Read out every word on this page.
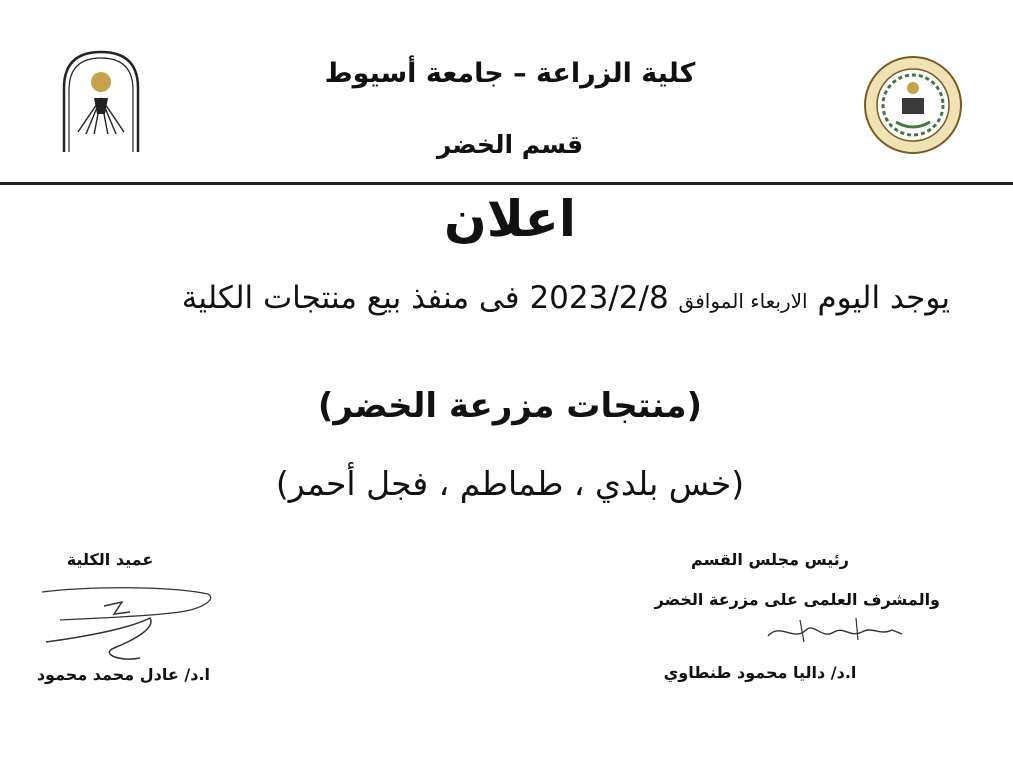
كلية الزراعة – جامعة أسيوط
قسم الخضر
اعلان
يوجد اليوم الاربعاء الموافق 2023/2/8 فى منفذ بيع منتجات الكلية
(منتجات مزرعة الخضر)
(خس بلدي ، طماطم ، فجل أحمر)
عميد الكلية
ا.د/ عادل محمد محمود
رئيس مجلس القسم
والمشرف العلمى على مزرعة الخضر
ا.د/ داليا محمود طنطاوي
